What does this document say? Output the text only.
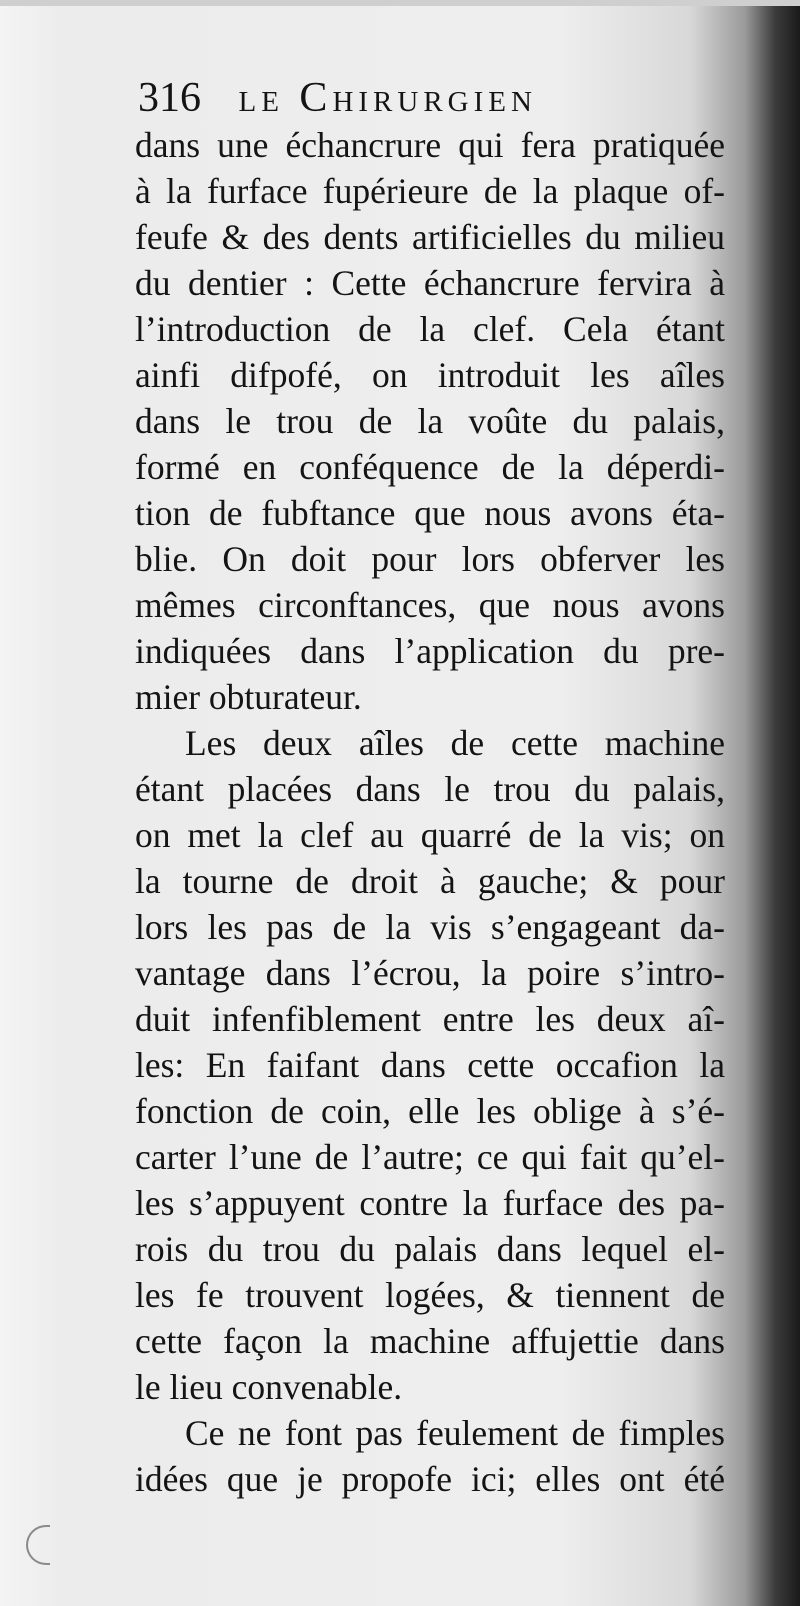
316 le Chirurgien
dans une échancrure qui fera pratiquée
à la furface fupérieure de la plaque of-
feufe & des dents artificielles du milieu
du dentier : Cette échancrure fervira à
l’introduction de la clef. Cela étant
ainfi difpofé, on introduit les aîles
dans le trou de la voûte du palais,
formé en conféquence de la déperdi-
tion de fubftance que nous avons éta-
blie. On doit pour lors obferver les
mêmes circonftances, que nous avons
indiquées dans l’application du pre-
mier obturateur.
Les deux aîles de cette machine
étant placées dans le trou du palais,
on met la clef au quarré de la vis; on
la tourne de droit à gauche; & pour
lors les pas de la vis s’engageant da-
vantage dans l’écrou, la poire s’intro-
duit infenfiblement entre les deux aî-
les: En faifant dans cette occafion la
fonction de coin, elle les oblige à s’é-
carter l’une de l’autre; ce qui fait qu’el-
les s’appuyent contre la furface des pa-
rois du trou du palais dans lequel el-
les fe trouvent logées, & tiennent de
cette façon la machine affujettie dans
le lieu convenable.
Ce ne font pas feulement de fimples
idées que je propofe ici; elles ont été
